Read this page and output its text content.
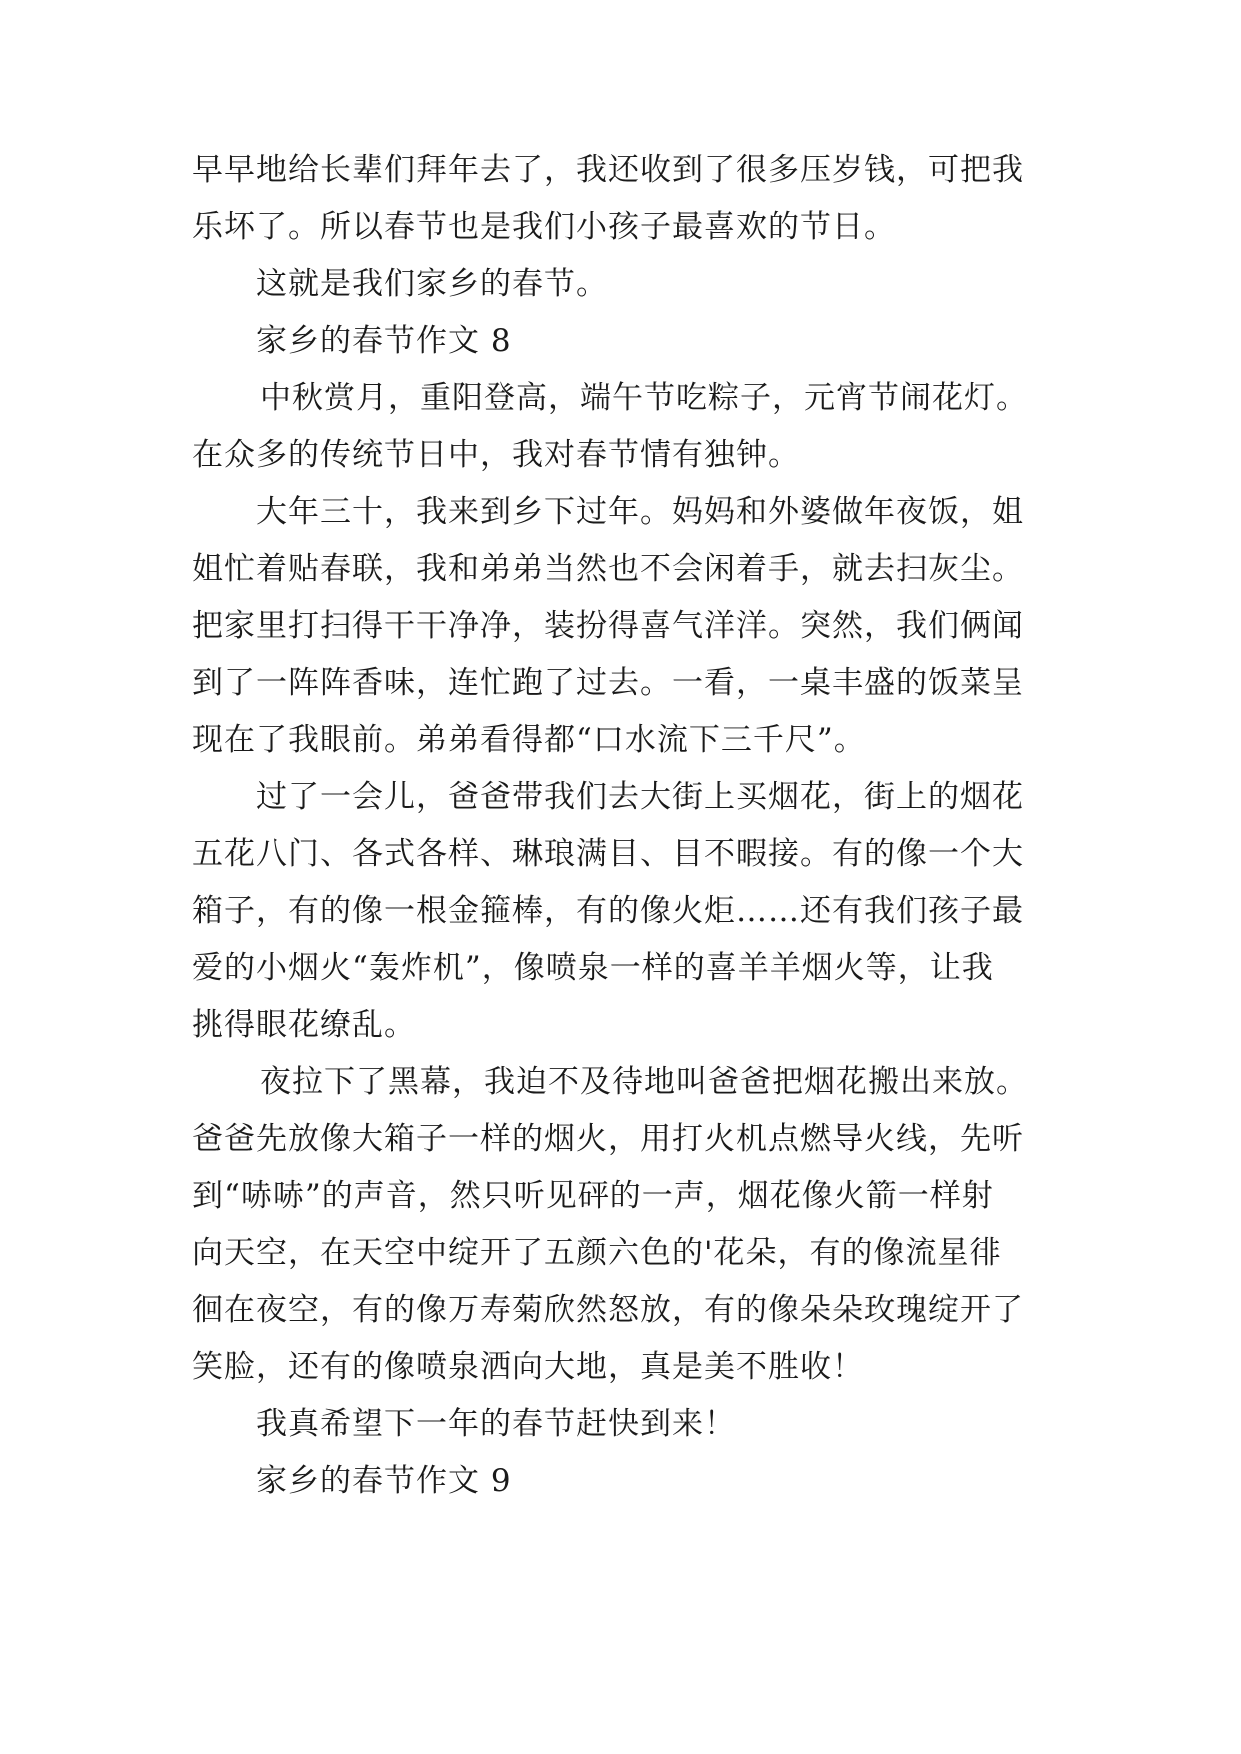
早早地给长辈们拜年去了，我还收到了很多压岁钱，可把我

乐坏了。所以春节也是我们小孩子最喜欢的节日。

这就是我们家乡的春节。

家乡的春节作文 8

中秋赏月，重阳登高，端午节吃粽子，元宵节闹花灯。

在众多的传统节日中，我对春节情有独钟。

大年三十，我来到乡下过年。妈妈和外婆做年夜饭，姐

姐忙着贴春联，我和弟弟当然也不会闲着手，就去扫灰尘。

把家里打扫得干干净净，装扮得喜气洋洋。突然，我们俩闻

到了一阵阵香味，连忙跑了过去。一看，一桌丰盛的饭菜呈

现在了我眼前。弟弟看得都“口水流下三千尺”。

过了一会儿，爸爸带我们去大街上买烟花，街上的烟花

五花八门、各式各样、琳琅满目、目不暇接。有的像一个大

箱子，有的像一根金箍棒，有的像火炬……还有我们孩子最

爱的小烟火“轰炸机”，像喷泉一样的喜羊羊烟火等，让我

挑得眼花缭乱。

夜拉下了黑幕，我迫不及待地叫爸爸把烟花搬出来放。

爸爸先放像大箱子一样的烟火，用打火机点燃导火线，先听

到“哧哧”的声音，然只听见砰的一声，烟花像火箭一样射

向天空，在天空中绽开了五颜六色的'花朵，有的像流星徘

徊在夜空，有的像万寿菊欣然怒放，有的像朵朵玫瑰绽开了

笑脸，还有的像喷泉洒向大地，真是美不胜收！

我真希望下一年的春节赶快到来！

家乡的春节作文 9
